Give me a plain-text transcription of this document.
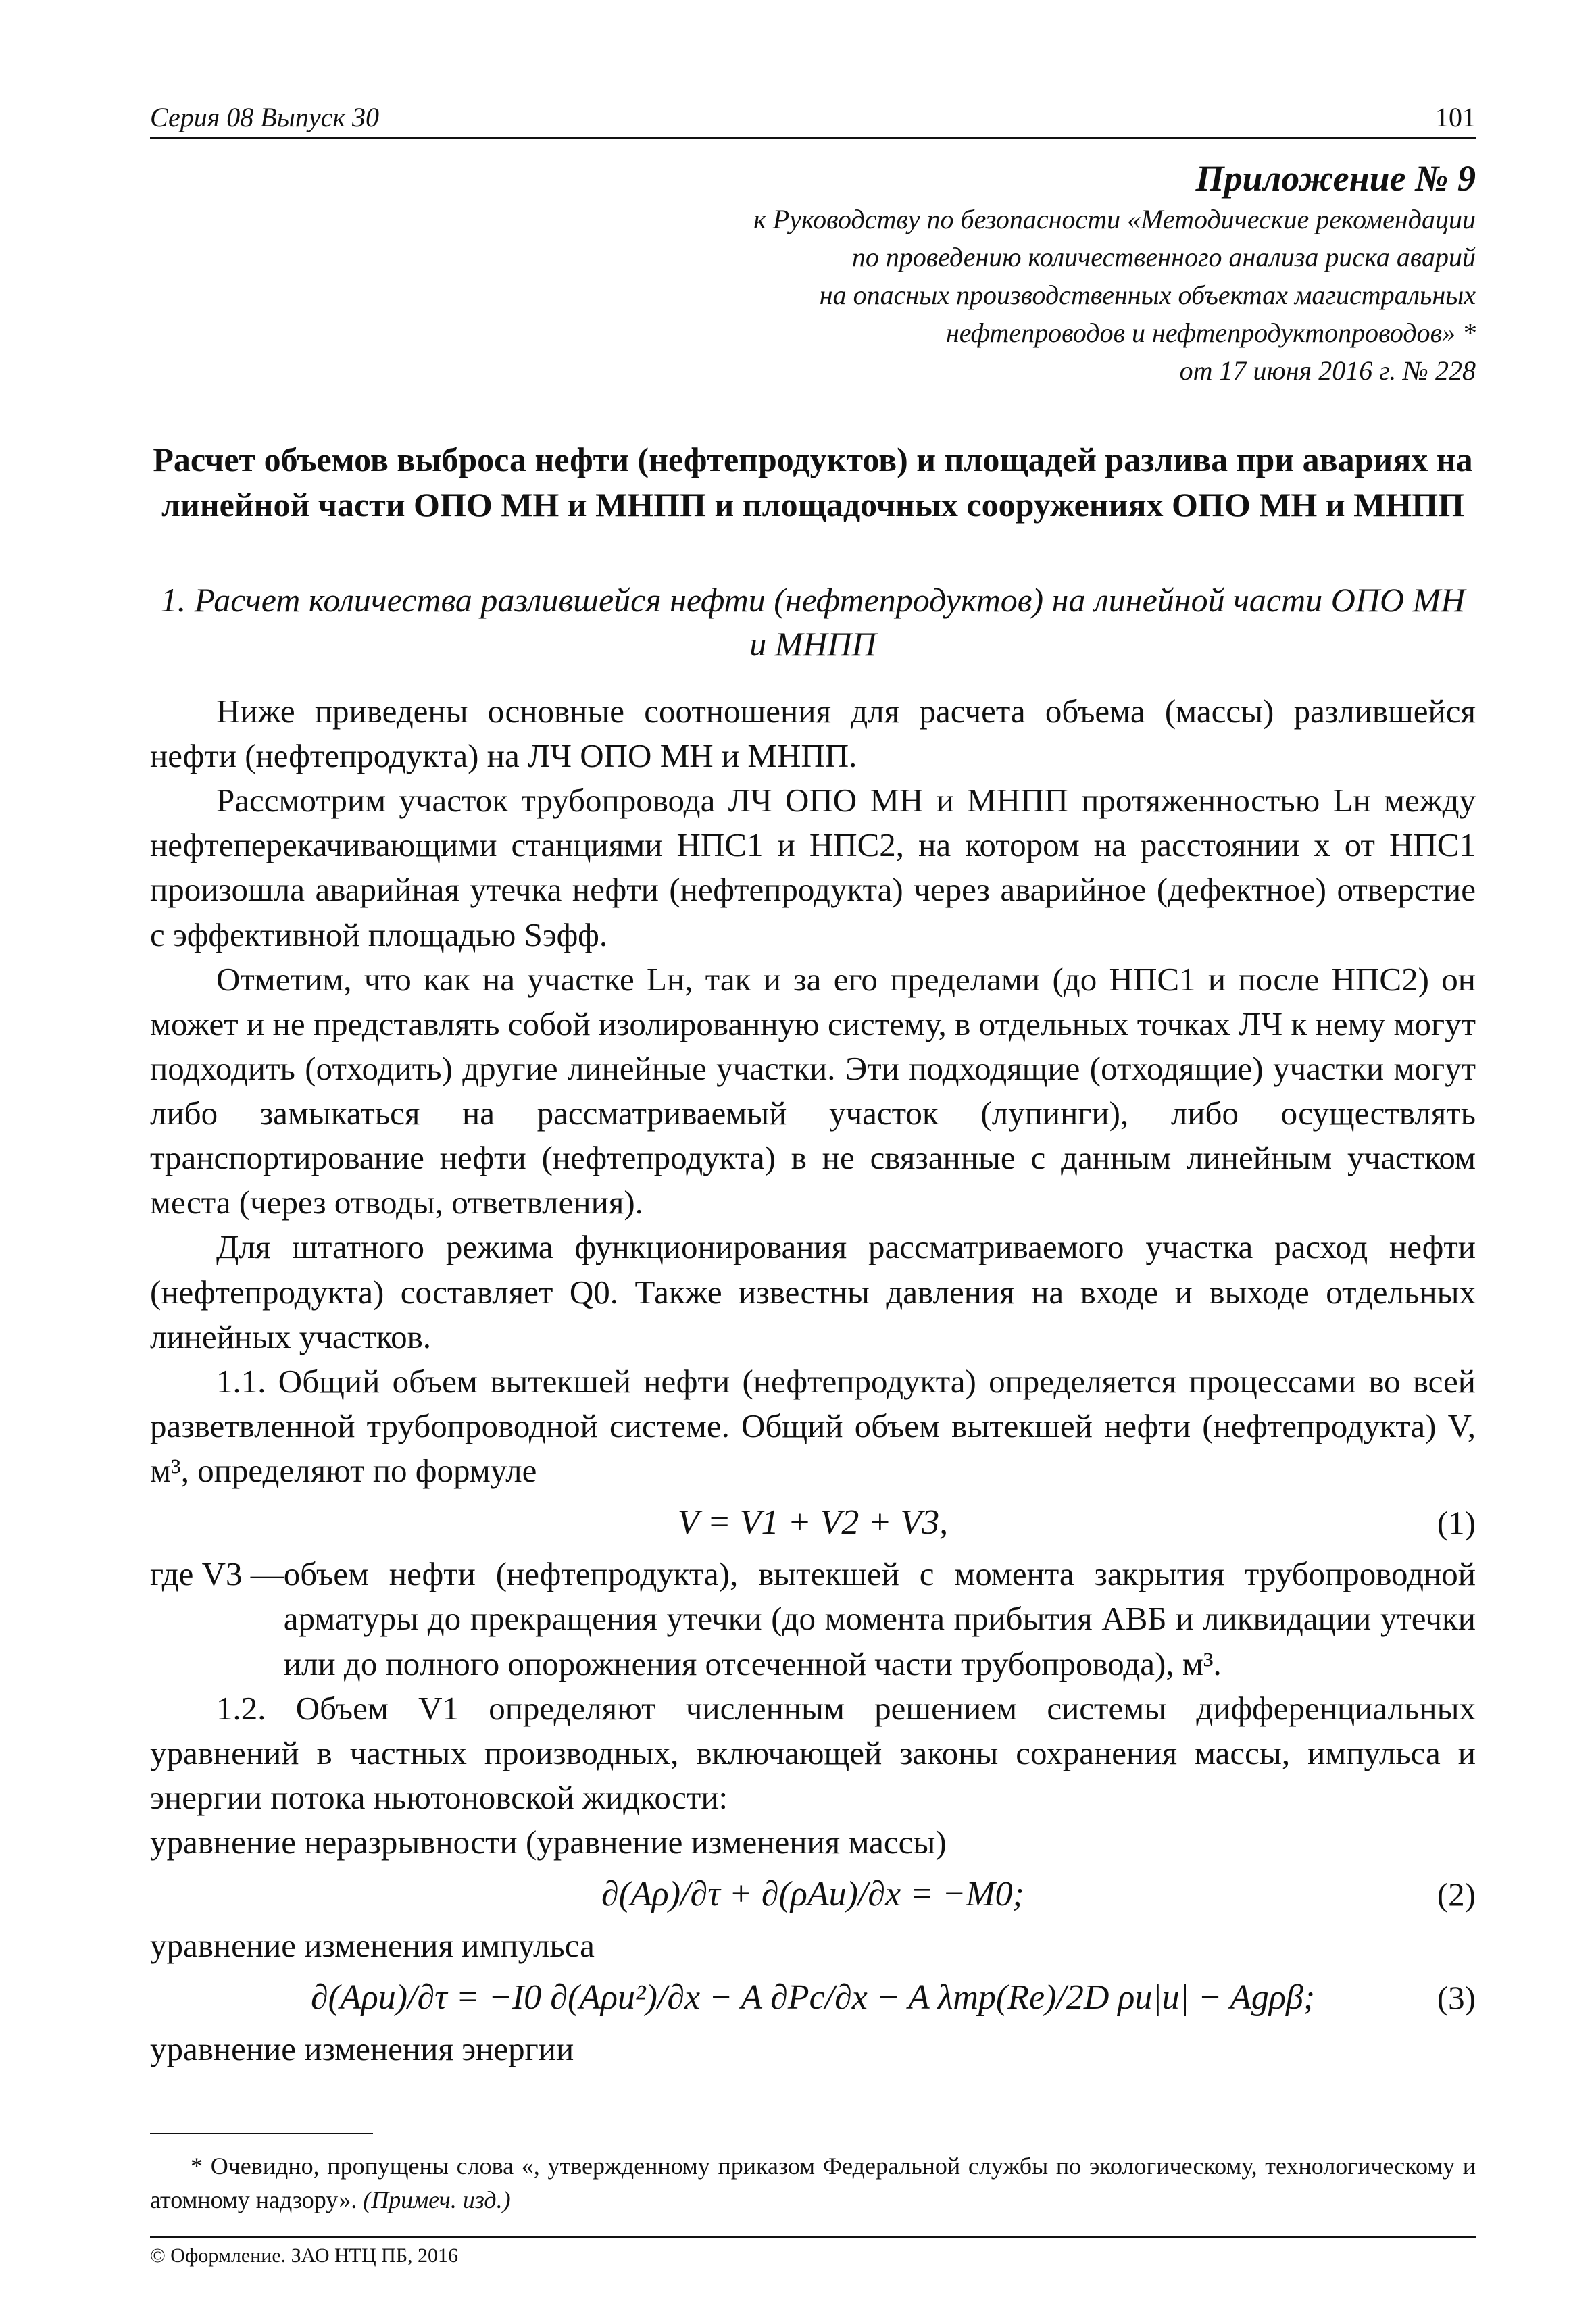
Серия 08 Выпуск 30	101
Приложение № 9
к Руководству по безопасности «Методические рекомендации
по проведению количественного анализа риска аварий
на опасных производственных объектах магистральных
нефтепроводов и нефтепродуктопроводов» *
от 17 июня 2016 г. № 228
Расчет объемов выброса нефти (нефтепродуктов) и площадей разлива при авариях на линейной части ОПО МН и МНПП и площадочных сооружениях ОПО МН и МНПП
1. Расчет количества разлившейся нефти (нефтепродуктов) на линейной части ОПО МН и МНПП

Ниже приведены основные соотношения для расчета объема (массы) разлившейся нефти (нефтепродукта) на ЛЧ ОПО МН и МНПП.

Рассмотрим участок трубопровода ЛЧ ОПО МН и МНПП протяженностью Lн между нефтеперекачивающими станциями НПС1 и НПС2, на котором на расстоянии x от НПС1 произошла аварийная утечка нефти (нефтепродукта) через аварийное (дефектное) отверстие с эффективной площадью Sэфф.

Отметим, что как на участке Lн, так и за его пределами (до НПС1 и после НПС2) он может и не представлять собой изолированную систему, в отдельных точках ЛЧ к нему могут подходить (отходить) другие линейные участки. Эти подходящие (отходящие) участки могут либо замыкаться на рассматриваемый участок (лупинги), либо осуществлять транспортирование нефти (нефтепродукта) в не связанные с данным линейным участком места (через отводы, ответвления).

Для штатного режима функционирования рассматриваемого участка расход нефти (нефтепродукта) составляет Q0. Также известны давления на входе и выходе отдельных линейных участков.

1.1. Общий объем вытекшей нефти (нефтепродукта) определяется процессами во всей разветвленной трубопроводной системе. Общий объем вытекшей нефти (нефтепродукта) V, м³, определяют по формуле

V = V1 + V2 + V3,	(1)
где V3 — объем нефти (нефтепродукта), вытекшей с момента закрытия трубопроводной арматуры до прекращения утечки (до момента прибытия АВБ и ликвидации утечки или до полного опорожнения отсеченной части трубопровода), м³.

1.2. Объем V1 определяют численным решением системы дифференциальных уравнений в частных производных, включающей законы сохранения массы, импульса и энергии потока ньютоновской жидкости:

уравнение неразрывности (уравнение изменения массы)

∂(Aρ)/∂τ + ∂(ρAu)/∂x = −M0;	(2)

уравнение изменения импульса

∂(Aρu)/∂τ = −I0 ∂(Aρu²)/∂x − A ∂Pc/∂x − A λтр(Re)/2D ρu|u| − Agρβ;	(3)

уравнение изменения энергии

* Очевидно, пропущены слова «, утвержденному приказом Федеральной службы по экологическому, технологическому и атомному надзору». (Примеч. изд.)
© Оформление. ЗАО НТЦ ПБ, 2016
